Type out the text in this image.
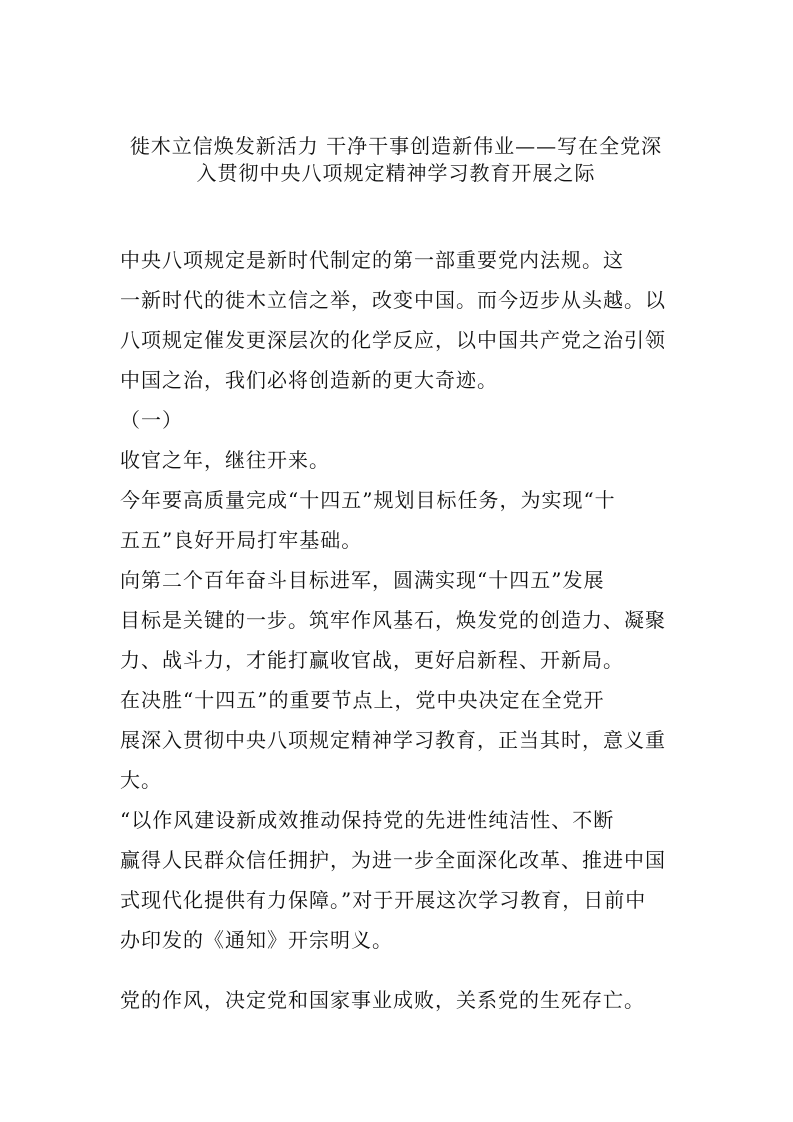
徙木立信焕发新活力 干净干事创造新伟业——写在全党深
入贯彻中央八项规定精神学习教育开展之际
中央八项规定是新时代制定的第一部重要党内法规。这
一新时代的徙木立信之举，改变中国。而今迈步从头越。以
八项规定催发更深层次的化学反应，以中国共产党之治引领
中国之治，我们必将创造新的更大奇迹。
（一）
收官之年，继往开来。
今年要高质量完成“十四五”规划目标任务，为实现“十
五五”良好开局打牢基础。
向第二个百年奋斗目标进军，圆满实现“十四五”发展
目标是关键的一步。筑牢作风基石，焕发党的创造力、凝聚
力、战斗力，才能打赢收官战，更好启新程、开新局。
在决胜“十四五”的重要节点上，党中央决定在全党开
展深入贯彻中央八项规定精神学习教育，正当其时，意义重
大。
“以作风建设新成效推动保持党的先进性纯洁性、不断
赢得人民群众信任拥护，为进一步全面深化改革、推进中国
式现代化提供有力保障。”对于开展这次学习教育，日前中
办印发的《通知》开宗明义。
党的作风，决定党和国家事业成败，关系党的生死存亡。
